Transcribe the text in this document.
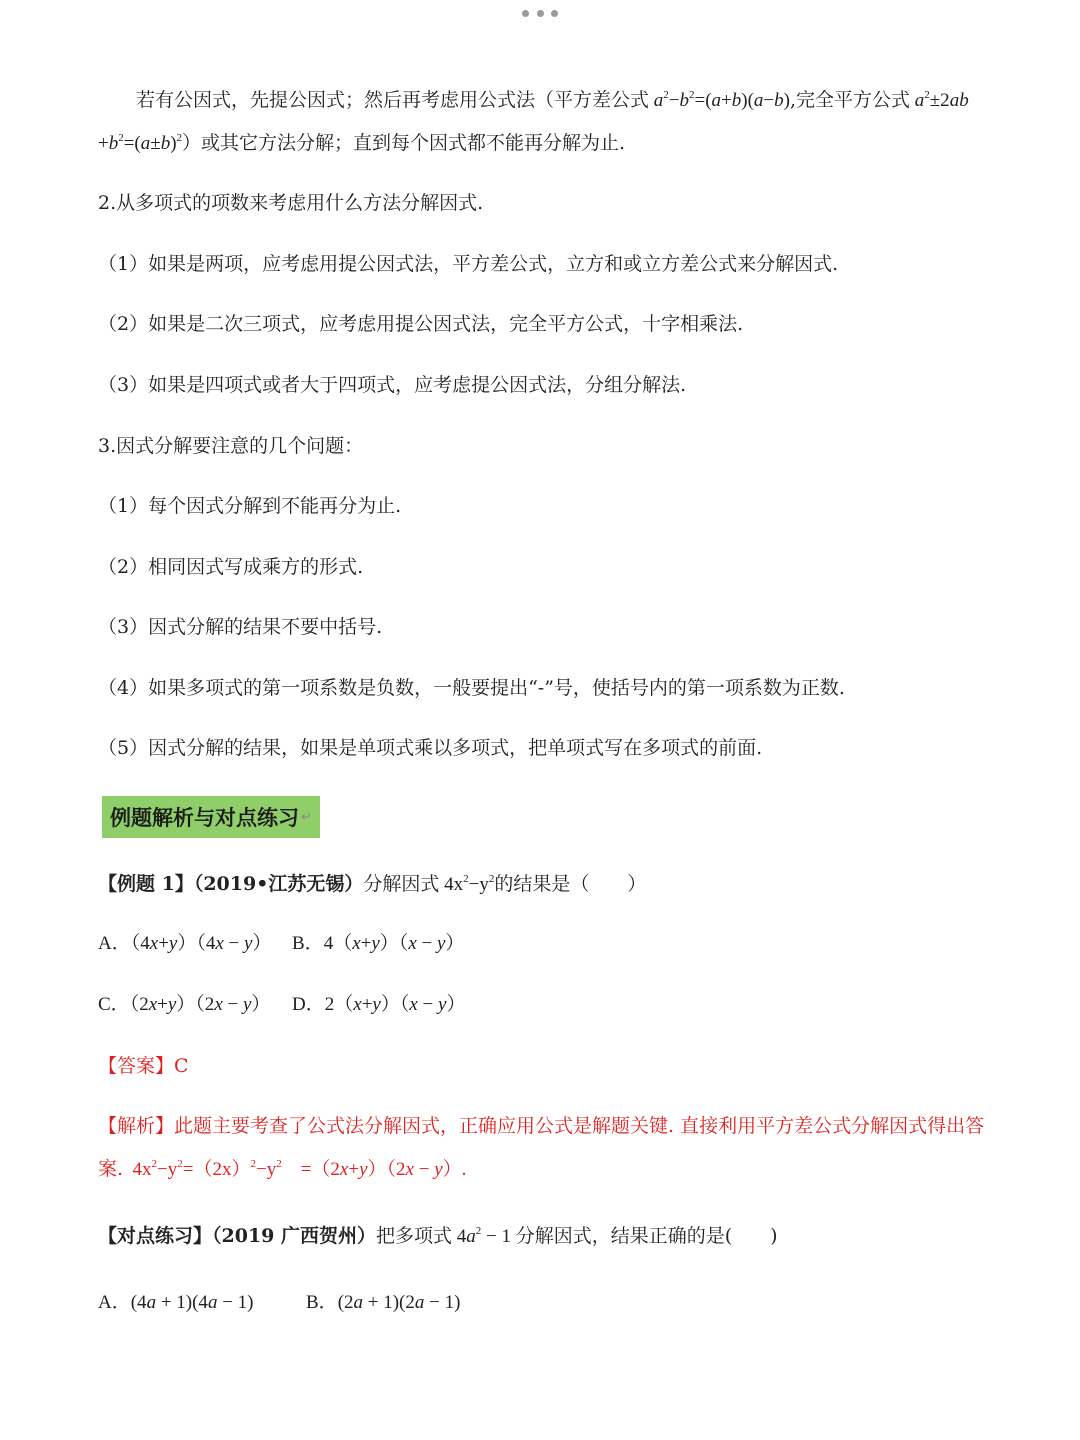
若有公因式，先提公因式；然后再考虑用公式法（平方差公式 $a^2-b^2=(a+b)(a-b)$,完全平方公式 $a^2\pm 2ab$
$+b^2=(a\pm b)^2$）或其它方法分解；直到每个因式都不能再分解为止.
2.从多项式的项数来考虑用什么方法分解因式.
（1）如果是两项，应考虑用提公因式法，平方差公式，立方和或立方差公式来分解因式.
（2）如果是二次三项式，应考虑用提公因式法，完全平方公式，十字相乘法.
（3）如果是四项式或者大于四项式，应考虑提公因式法，分组分解法.
3.因式分解要注意的几个问题：
（1）每个因式分解到不能再分为止.
（2）相同因式写成乘方的形式.
（3）因式分解的结果不要中括号.
（4）如果多项式的第一项系数是负数，一般要提出“-”号，使括号内的第一项系数为正数.
（5）因式分解的结果，如果是单项式乘以多项式，把单项式写在多项式的前面.
例题解析与对点练习 ↵
【例题 1】（2019•江苏无锡）分解因式 $4x^2-y^2$的结果是（　　）
A．（4x+y）（4x − y） B．4（x+y）（x − y）
C．（2x+y）（2x − y） D．2（x+y）（x − y）
【答案】C
【解析】此题主要考查了公式法分解因式，正确应用公式是解题关键. 直接利用平方差公式分解因式得出答
案.  $4x^2-y^2=(2x)^2-y^2$    =（2x+y）（2x − y）.
【对点练习】（2019 广西贺州）把多项式 $4a^2 - 1$ 分解因式，结果正确的是(　　)
A．(4a + 1)(4a − 1)	B．(2a + 1)(2a − 1)
